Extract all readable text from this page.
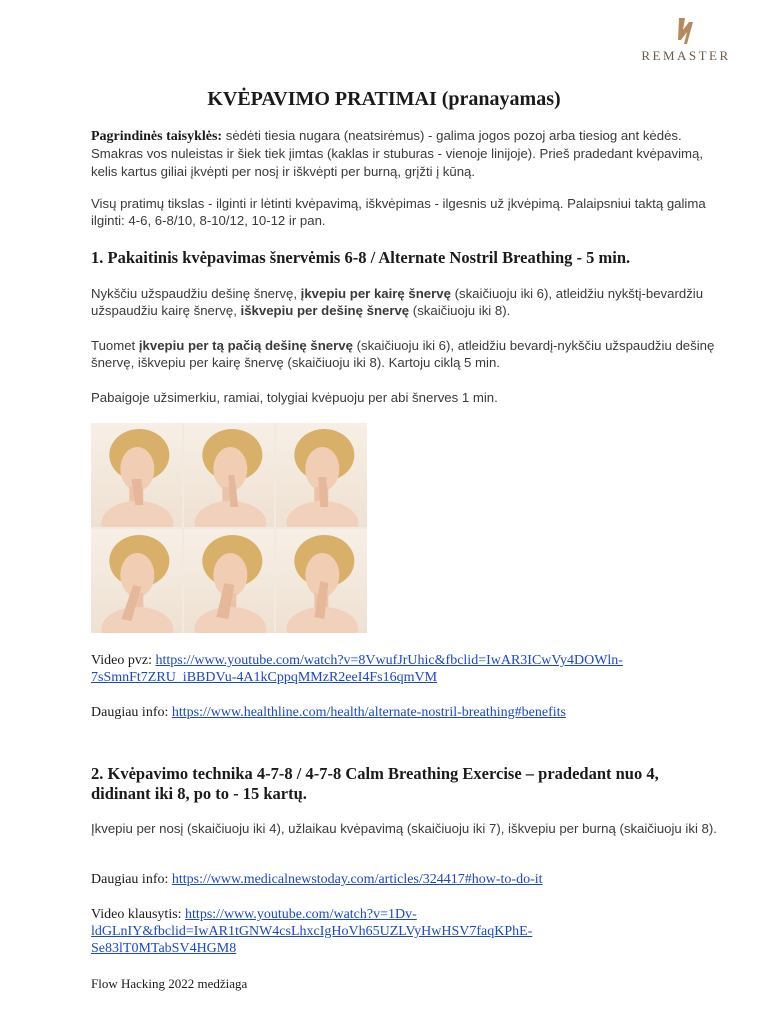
REMASTER
KVĖPAVIMO PRATIMAI (pranayamas)

Pagrindinės taisyklės: sėdėti tiesia nugara (neatsirėmus) - galima jogos pozoj arba tiesiog ant kėdės. Smakras vos nuleistas ir šiek tiek įimtas (kaklas ir stuburas - vienoje linijoje). Prieš pradedant kvėpavimą, kelis kartus giliai įkvėpti per nosį ir iškvėpti per burną, grįžti į kūną.

Visų pratimų tikslas - ilginti ir lėtinti kvėpavimą, iškvėpimas - ilgesnis už įkvėpimą. Palaipsniui taktą galima ilginti: 4-6, 6-8/10, 8-10/12, 10-12 ir pan.

1. Pakaitinis kvėpavimas šnervėmis 6-8 / Alternate Nostril Breathing - 5 min.

Nykščiu užspaudžiu dešinę šnervę, įkvepiu per kairę šnervę (skaičiuoju iki 6), atleidžiu nykštį-bevardžiu užspaudžiu kairę šnervę, iškvepiu per dešinę šnervę (skaičiuoju iki 8).

Tuomet įkvepiu per tą pačią dešinę šnervę (skaičiuoju iki 6), atleidžiu bevardį-nykščiu užspaudžiu dešinę šnervę, iškvepiu per kairę šnervę (skaičiuoju iki 8). Kartoju ciklą 5 min.

Pabaigoje užsimerkiu, ramiai, tolygiai kvėpuoju per abi šnerves 1 min.

Video pvz: https://www.youtube.com/watch?v=8VwufJrUhic&fbclid=IwAR3ICwVy4DOWln-
7sSmnFt7ZRU_iBBDVu-4A1kCppqMMzR2eeI4Fs16qmVM

Daugiau info: https://www.healthline.com/health/alternate-nostril-breathing#benefits

2. Kvėpavimo technika 4-7-8 / 4-7-8 Calm Breathing Exercise – pradedant nuo 4,

didinant iki 8, po to - 15 kartų.

Įkvepiu per nosį (skaičiuoju iki 4), užlaikau kvėpavimą (skaičiuoju iki 7), iškvepiu per burną (skaičiuoju iki 8).

Daugiau info: https://www.medicalnewstoday.com/articles/324417#how-to-do-it

Video klausytis: https://www.youtube.com/watch?v=1Dv-
ldGLnIY&fbclid=IwAR1tGNW4csLhxcIgHoVh65UZLVyHwHSV7faqKPhE-
Se83lT0MTabSV4HGM8

Flow Hacking 2022 medžiaga
